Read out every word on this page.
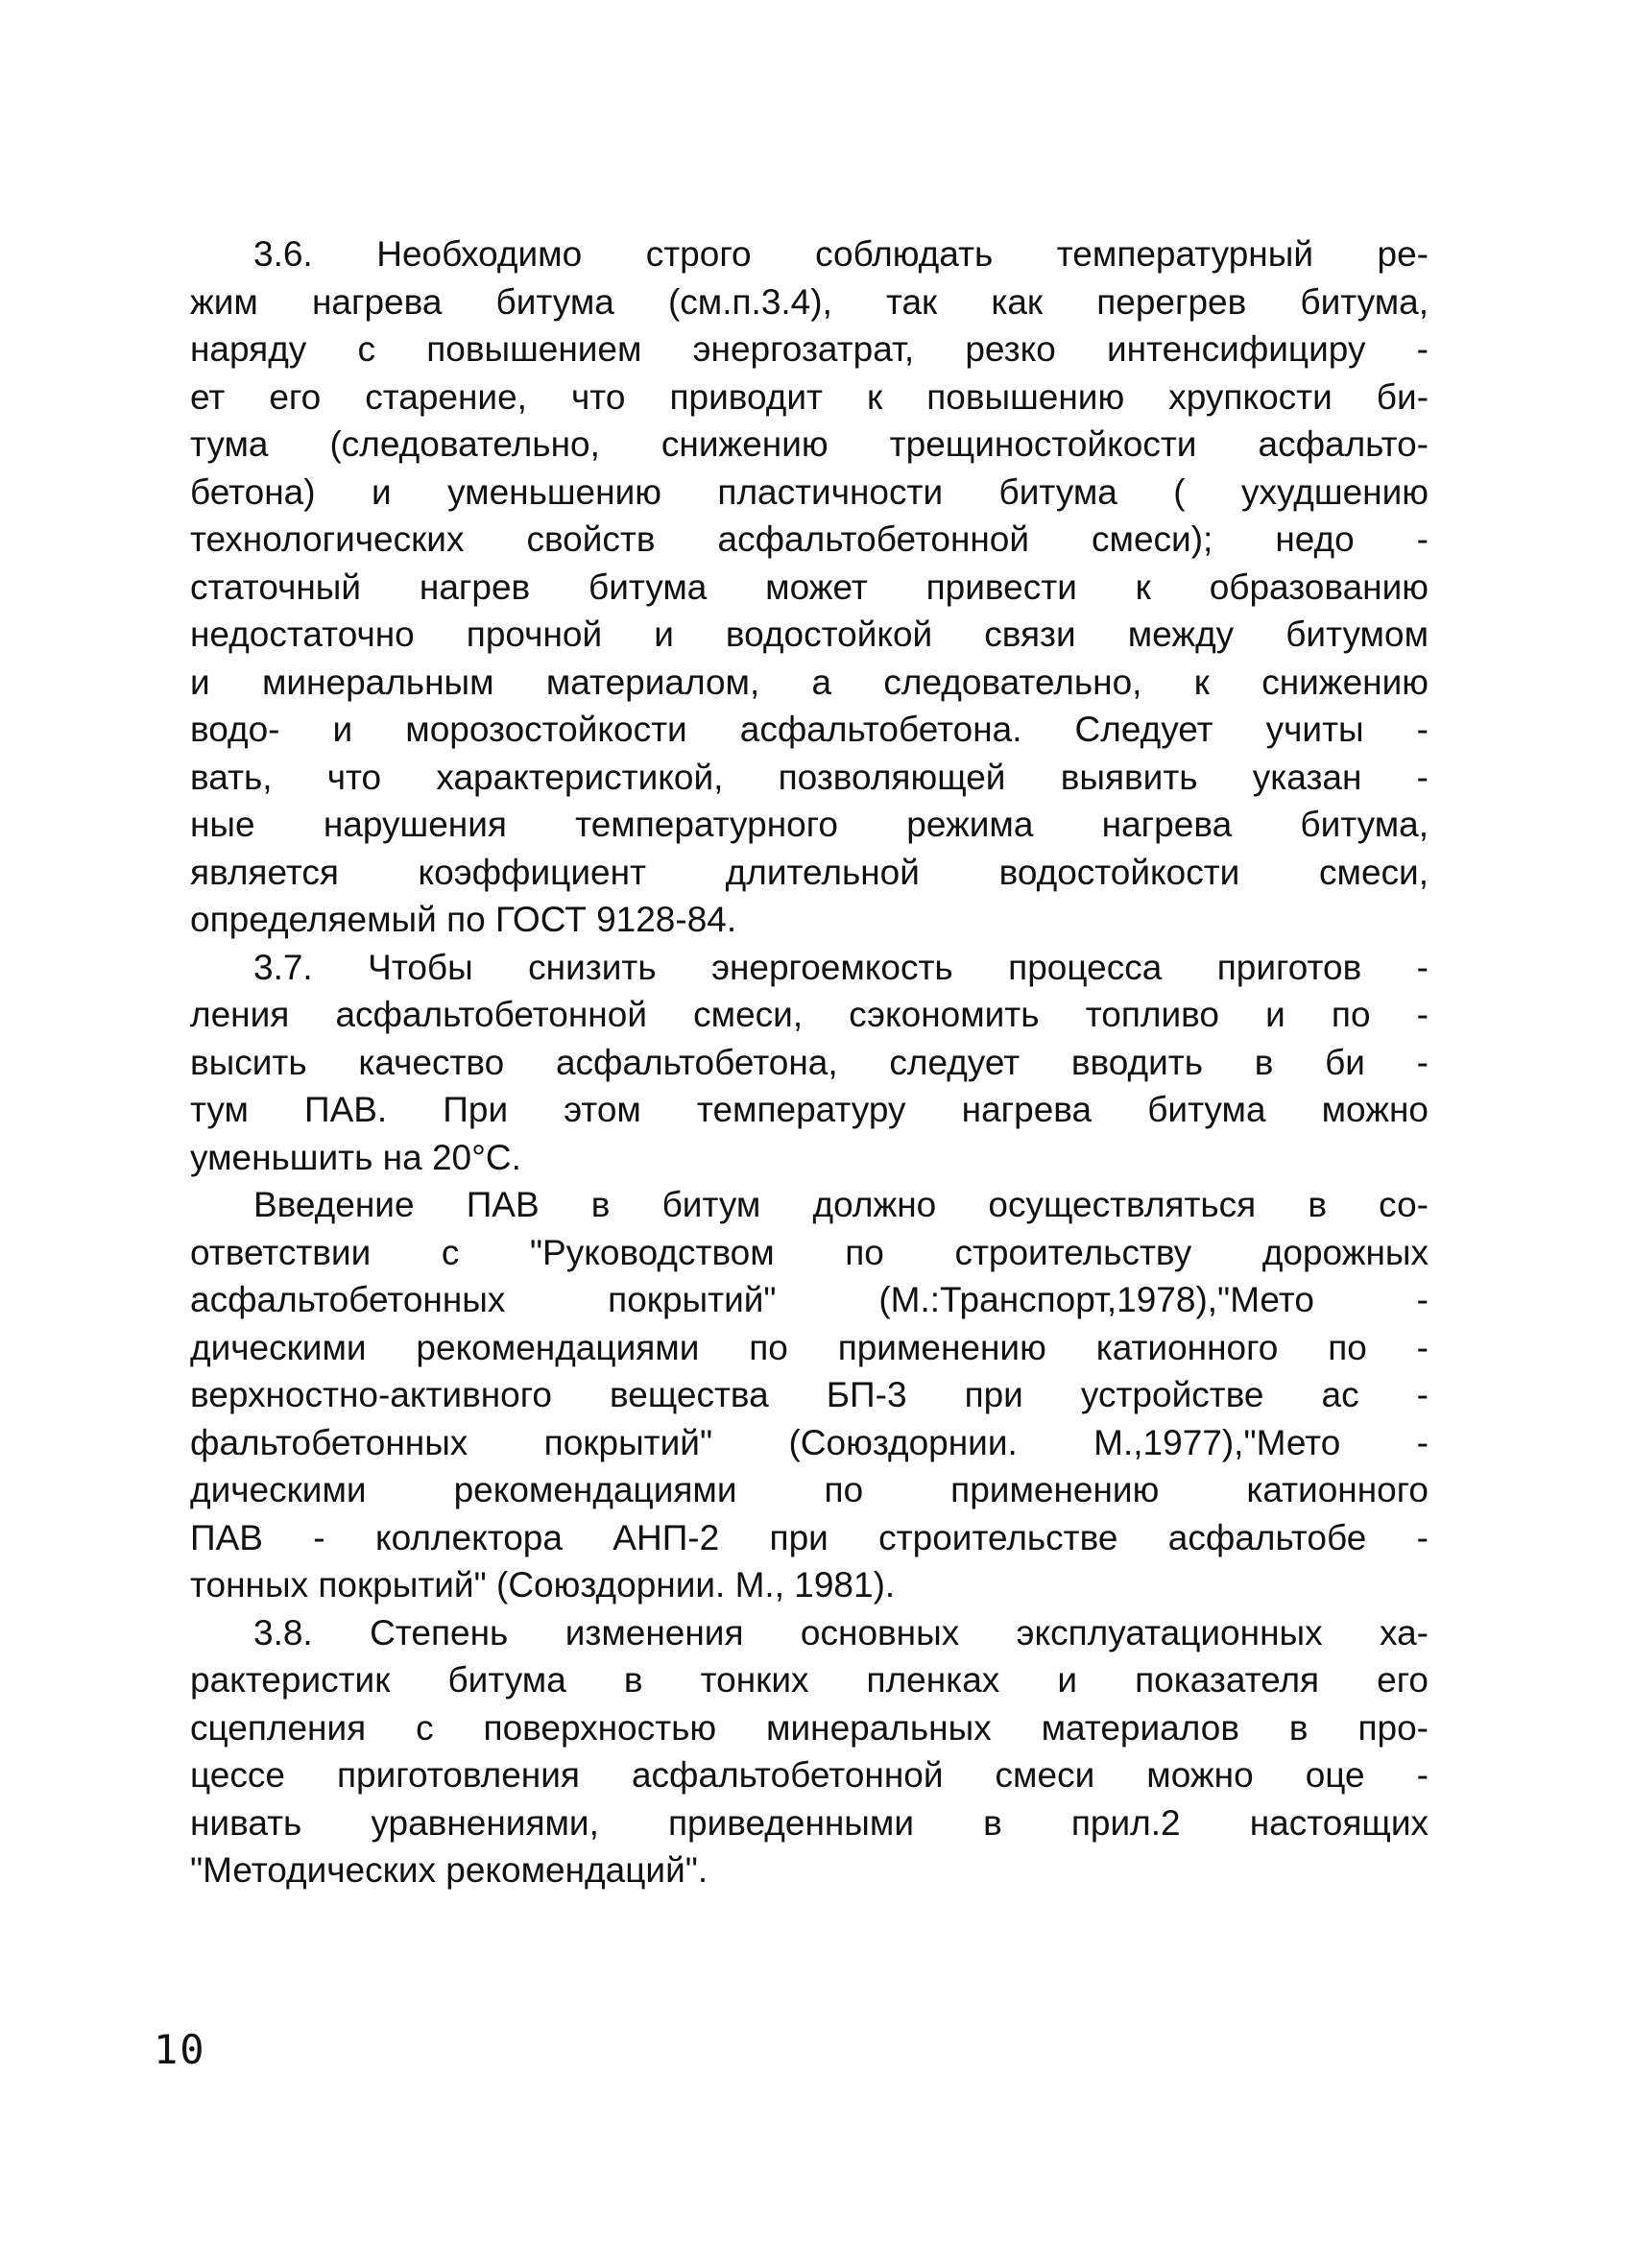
3.6. Необходимо строго соблюдать температурный ре-
жим нагрева битума (см.п.3.4), так как перегрев битума,
наряду с повышением энергозатрат, резко интенсифициру -
ет его старение, что приводит к повышению хрупкости би-
тума (следовательно, снижению трещиностойкости асфальто-
бетона) и уменьшению пластичности битума ( ухудшению
технологических свойств асфальтобетонной смеси); недо -
статочный нагрев битума может привести к образованию
недостаточно прочной и водостойкой связи между битумом
и минеральным материалом, а следовательно, к снижению
водо- и морозостойкости асфальтобетона. Следует учиты -
вать, что характеристикой, позволяющей выявить указан -
ные нарушения температурного режима нагрева битума,
является коэффициент длительной водостойкости смеси,
определяемый по ГОСТ 9128-84.

3.7. Чтобы снизить энергоемкость процесса приготов -
ления асфальтобетонной смеси, сэкономить топливо и по -
высить качество асфальтобетона, следует вводить в би -
тум ПАВ. При этом температуру нагрева битума можно
уменьшить на 20°С.

Введение ПАВ в битум должно осуществляться в со-
ответствии с "Руководством по строительству дорожных
асфальтобетонных покрытий" (М.:Транспорт,1978),"Мето -
дическими рекомендациями по применению катионного по -
верхностно-активного вещества БП-3 при устройстве ас -
фальтобетонных покрытий" (Союздорнии. М.,1977),"Мето -
дическими рекомендациями по применению катионного
ПАВ - коллектора АНП-2 при строительстве асфальтобе -
тонных покрытий" (Союздорнии. М., 1981).

3.8. Степень изменения основных эксплуатационных ха-
рактеристик битума в тонких пленках и показателя его
сцепления с поверхностью минеральных материалов в про-
цессе приготовления асфальтобетонной смеси можно оце -
нивать уравнениями, приведенными в прил.2 настоящих
"Методических рекомендаций".

10
